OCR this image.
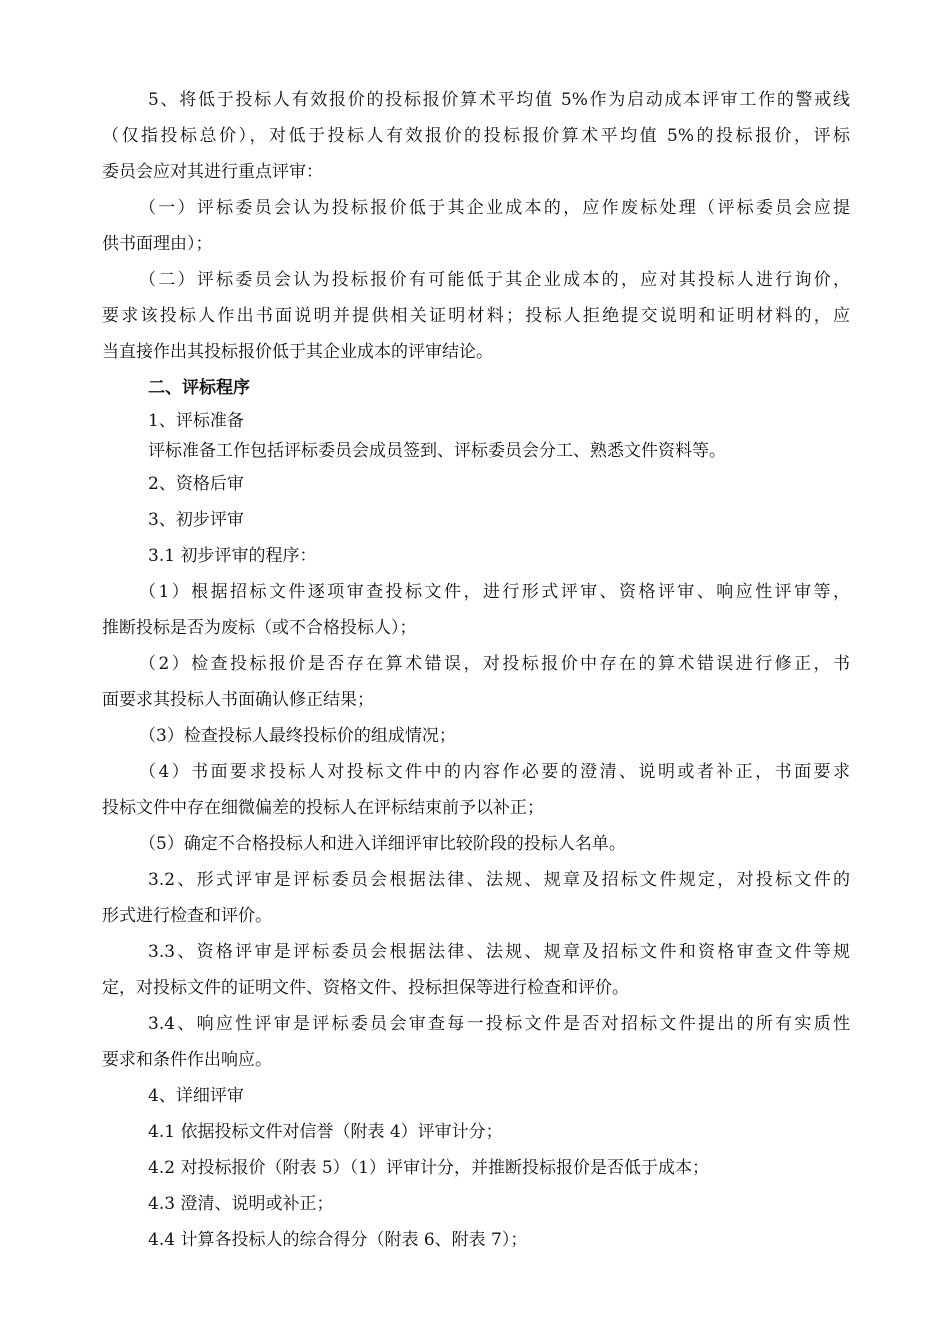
5、将低于投标人有效报价的投标报价算术平均值 5%作为启动成本评审工作的警戒线
（仅指投标总价），对低于投标人有效报价的投标报价算术平均值 5%的投标报价，评标
委员会应对其进行重点评审：
（一）评标委员会认为投标报价低于其企业成本的，应作废标处理（评标委员会应提
供书面理由）；
（二）评标委员会认为投标报价有可能低于其企业成本的，应对其投标人进行询价，
要求该投标人作出书面说明并提供相关证明材料；投标人拒绝提交说明和证明材料的，应
当直接作出其投标报价低于其企业成本的评审结论。
二、评标程序
1、评标准备
评标准备工作包括评标委员会成员签到、评标委员会分工、熟悉文件资料等。
2、资格后审
3、初步评审
3.1 初步评审的程序：
（1）根据招标文件逐项审查投标文件，进行形式评审、资格评审、响应性评审等，
推断投标是否为废标（或不合格投标人）；
（2）检查投标报价是否存在算术错误，对投标报价中存在的算术错误进行修正，书
面要求其投标人书面确认修正结果；
（3）检查投标人最终投标价的组成情况；
（4）书面要求投标人对投标文件中的内容作必要的澄清、说明或者补正，书面要求
投标文件中存在细微偏差的投标人在评标结束前予以补正；
（5）确定不合格投标人和进入详细评审比较阶段的投标人名单。
3.2、形式评审是评标委员会根据法律、法规、规章及招标文件规定，对投标文件的
形式进行检查和评价。
3.3、资格评审是评标委员会根据法律、法规、规章及招标文件和资格审查文件等规
定，对投标文件的证明文件、资格文件、投标担保等进行检查和评价。
3.4、响应性评审是评标委员会审查每一投标文件是否对招标文件提出的所有实质性
要求和条件作出响应。
4、详细评审
4.1 依据投标文件对信誉（附表 4）评审计分；
4.2 对投标报价（附表 5）（1）评审计分，并推断投标报价是否低于成本；
4.3 澄清、说明或补正；
4.4 计算各投标人的综合得分（附表 6、附表 7）；
